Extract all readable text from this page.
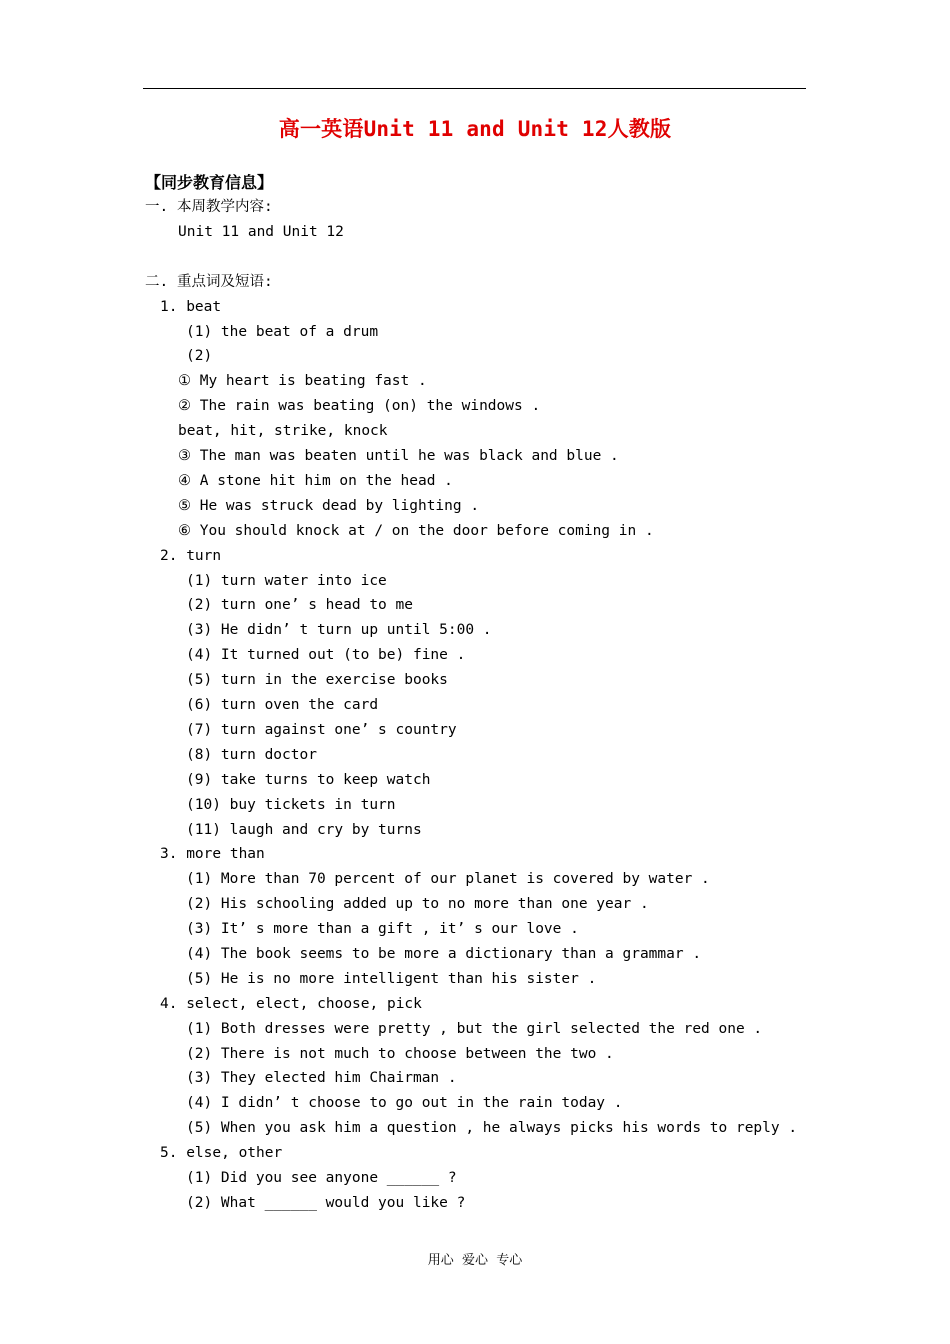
高一英语Unit 11 and Unit 12人教版
【同步教育信息】
一. 本周教学内容:
Unit 11 and Unit 12
二. 重点词及短语:
1. beat
(1) the beat of a drum
(2)
① My heart is beating fast .
② The rain was beating (on) the windows .
beat, hit, strike, knock
③ The man was beaten until he was black and blue .
④ A stone hit him on the head .
⑤ He was struck dead by lighting .
⑥ You should knock at / on the door before coming in .
2. turn
(1) turn water into ice
(2) turn one’ s head to me
(3) He didn’ t turn up until 5:00 .
(4) It turned out (to be) fine .
(5) turn in the exercise books
(6) turn oven the card
(7) turn against one’ s country
(8) turn doctor
(9) take turns to keep watch
(10) buy tickets in turn
(11) laugh and cry by turns
3. more than
(1) More than 70 percent of our planet is covered by water .
(2) His schooling added up to no more than one year .
(3) It’ s more than a gift , it’ s our love .
(4) The book seems to be more a dictionary than a grammar .
(5) He is no more intelligent than his sister .
4. select, elect, choose, pick
(1) Both dresses were pretty , but the girl selected the red one .
(2) There is not much to choose between the two .
(3) They elected him Chairman .
(4) I didn’ t choose to go out in the rain today .
(5) When you ask him a question , he always picks his words to reply .
5. else, other
(1) Did you see anyone ______ ?
(2) What ______ would you like ?
用心  爱心  专心
